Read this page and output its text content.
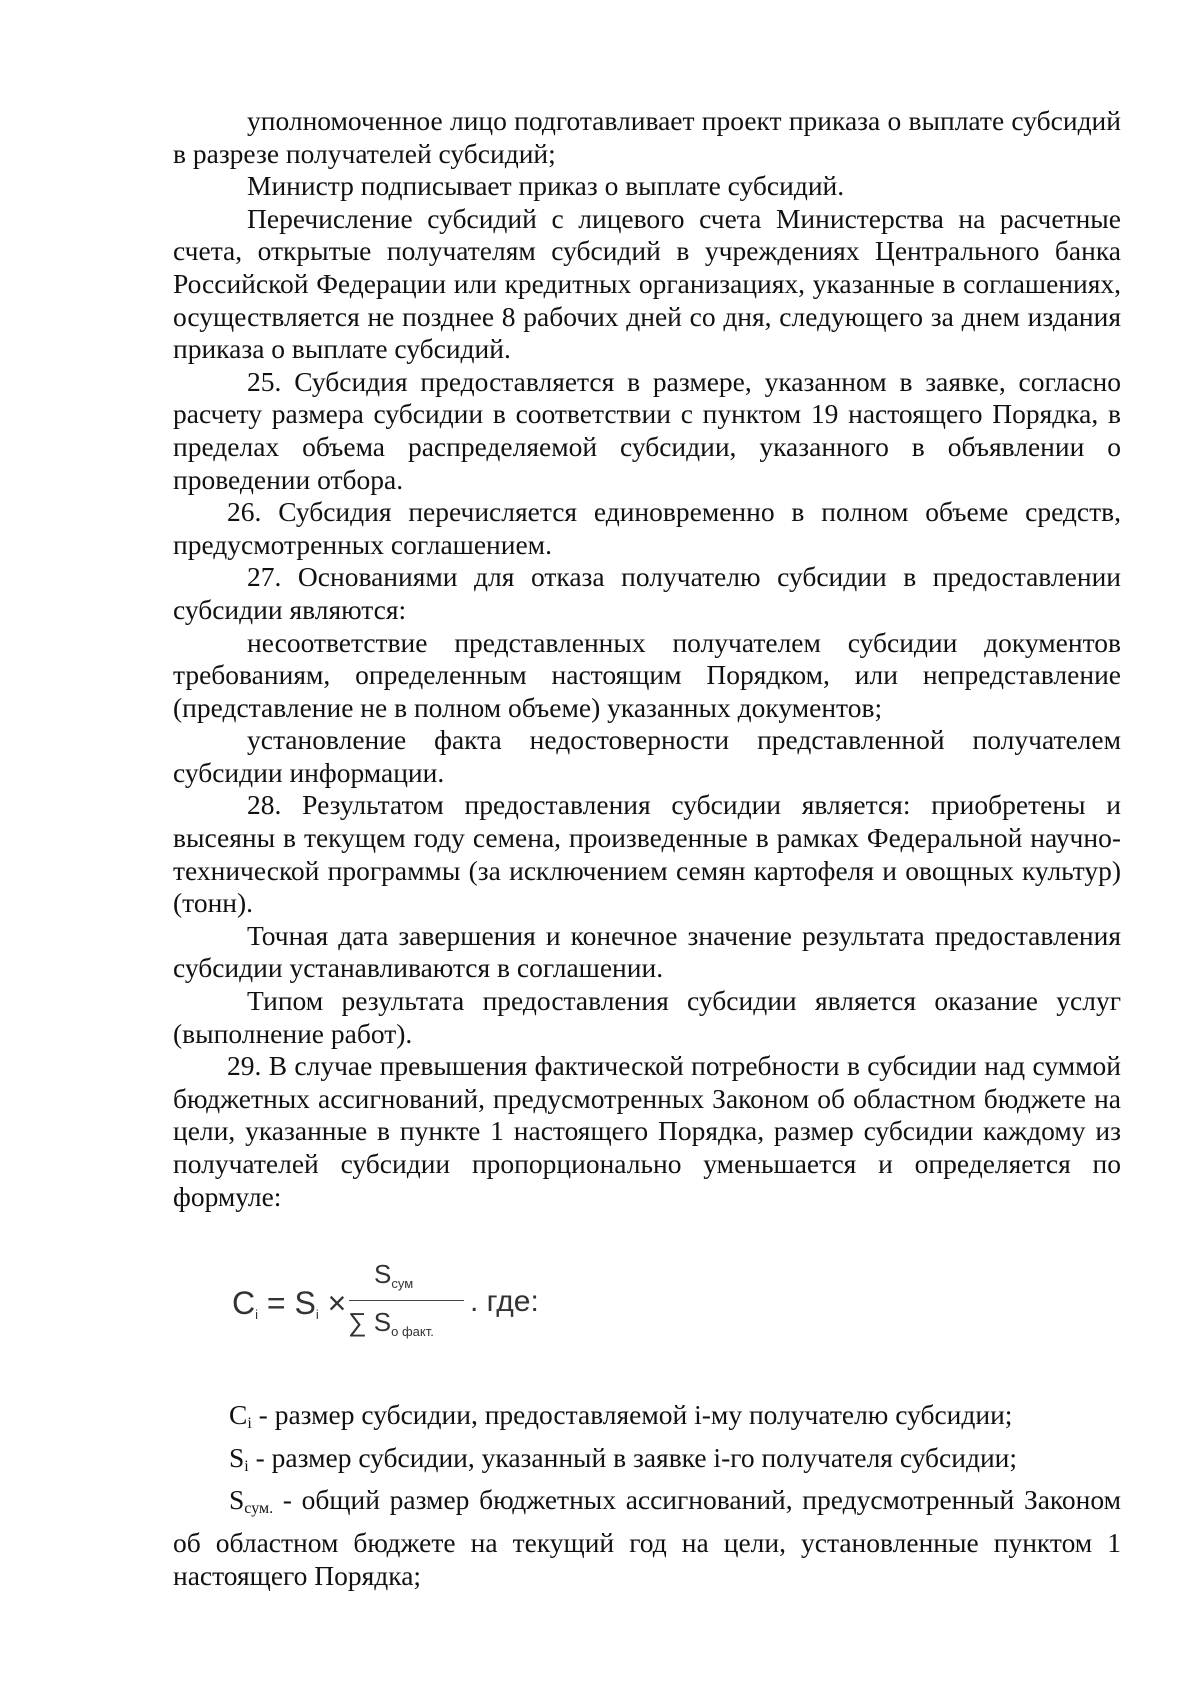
уполномоченное лицо подготавливает проект приказа о выплате субсидий в разрезе получателей субсидий;

Министр подписывает приказ о выплате субсидий.

Перечисление субсидий с лицевого счета Министерства на расчетные счета, открытые получателям субсидий в учреждениях Центрального банка Российской Федерации или кредитных организациях, указанные в соглашениях, осуществляется не позднее 8 рабочих дней со дня, следующего за днем издания приказа о выплате субсидий.

25. Субсидия предоставляется в размере, указанном в заявке, согласно расчету размера субсидии в соответствии с пунктом 19 настоящего Порядка, в пределах объема распределяемой субсидии, указанного в объявлении о проведении отбора.

26. Субсидия перечисляется единовременно в полном объеме средств, предусмотренных соглашением.

27. Основаниями для отказа получателю субсидии в предоставлении субсидии являются:

несоответствие представленных получателем субсидии документов требованиям, определенным настоящим Порядком, или непредставление (представление не в полном объеме) указанных документов;

установление факта недостоверности представленной получателем субсидии информации.

28. Результатом предоставления субсидии является: приобретены и высеяны в текущем году семена, произведенные в рамках Федеральной научно-технической программы (за исключением семян картофеля и овощных культур) (тонн).

Точная дата завершения и конечное значение результата предоставления субсидии устанавливаются в соглашении.

Типом результата предоставления субсидии является оказание услуг (выполнение работ).

29. В случае превышения фактической потребности в субсидии над суммой бюджетных ассигнований, предусмотренных Законом об областном бюджете на цели, указанные в пункте 1 настоящего Порядка, размер субсидии каждому из получателей субсидии пропорционально уменьшается и определяется по формуле:

Ci = Si ×
Sсум
∑ Sо факт.
. где:

Ci - размер субсидии, предоставляемой i-му получателю субсидии;

Si - размер субсидии, указанный в заявке i-го получателя субсидии;

Sсум. - общий размер бюджетных ассигнований, предусмотренный Законом об областном бюджете на текущий год на цели, установленные пунктом 1 настоящего Порядка;
